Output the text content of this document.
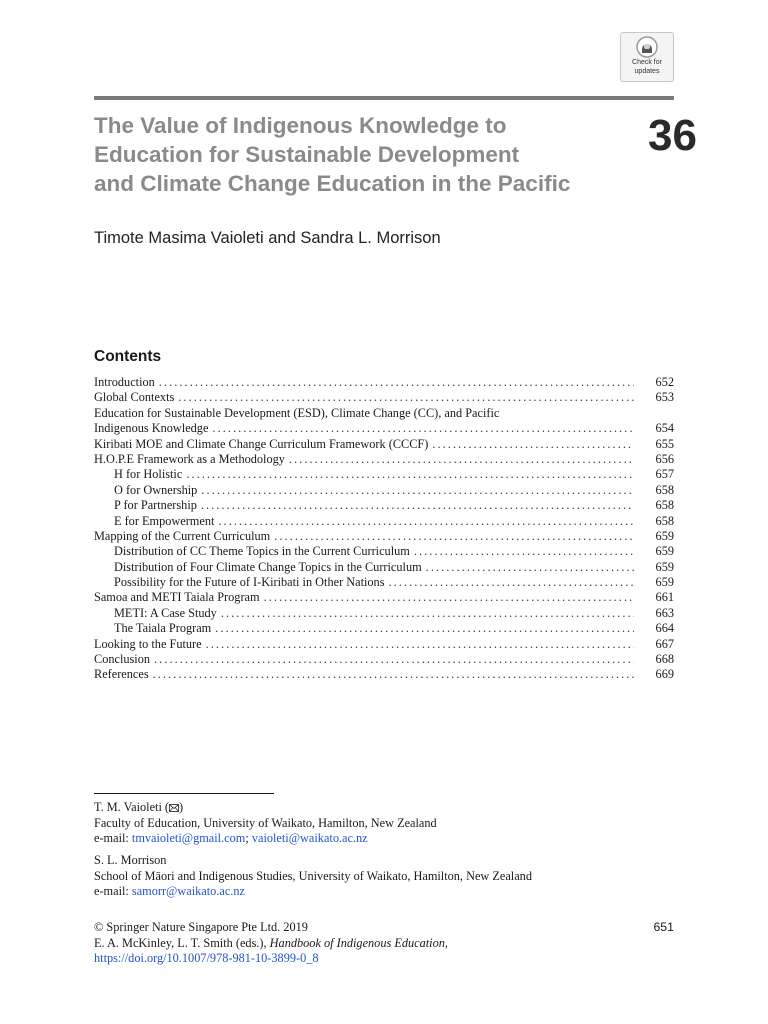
Check for
updates
The Value of Indigenous Knowledge to
Education for Sustainable Development
and Climate Change Education in the Pacific
36
Timote Masima Vaioleti and Sandra L. Morrison
Contents
Introduction . . .	652
Global Contexts . . .	653
Education for Sustainable Development (ESD), Climate Change (CC), and Pacific
Indigenous Knowledge . . .	654
Kiribati MOE and Climate Change Curriculum Framework (CCCF) . . .	655
H.O.P.E Framework as a Methodology . . .	656
H for Holistic . . .	657
O for Ownership . . .	658
P for Partnership . . .	658
E for Empowerment . . .	658
Mapping of the Current Curriculum . . .	659
Distribution of CC Theme Topics in the Current Curriculum . . .	659
Distribution of Four Climate Change Topics in the Curriculum . . .	659
Possibility for the Future of I-Kiribati in Other Nations . . .	659
Samoa and METI Taiala Program . . .	661
METI: A Case Study . . .	663
The Taiala Program . . .	664
Looking to the Future . . .	667
Conclusion . . .	668
References . . .	669
T. M. Vaioleti ( )
Faculty of Education, University of Waikato, Hamilton, New Zealand
e-mail: tmvaioleti@gmail.com; vaioleti@waikato.ac.nz
S. L. Morrison
School of Māori and Indigenous Studies, University of Waikato, Hamilton, New Zealand
e-mail: samorr@waikato.ac.nz
© Springer Nature Singapore Pte Ltd. 2019
E. A. McKinley, L. T. Smith (eds.), Handbook of Indigenous Education,
https://doi.org/10.1007/978-981-10-3899-0_8
651
